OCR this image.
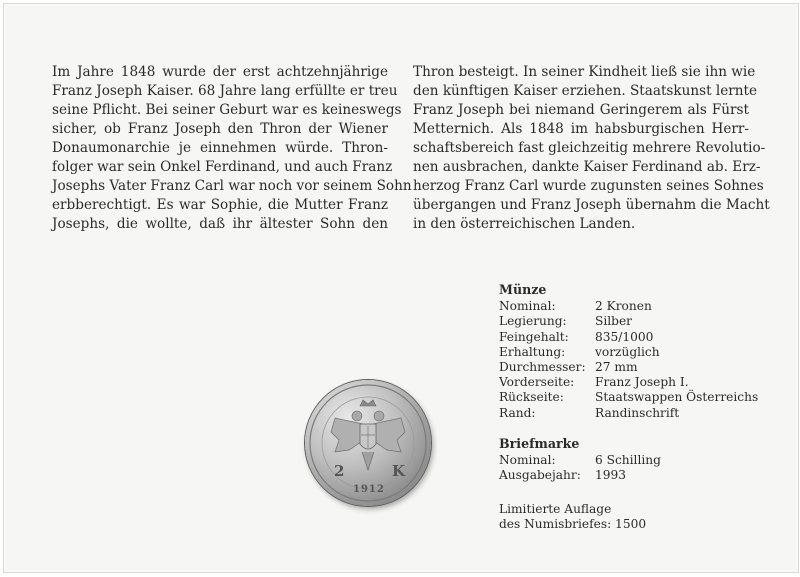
Im Jahre 1848 wurde der erst achtzehnjährige
Franz Joseph Kaiser. 68 Jahre lang erfüllte er treu
seine Pflicht. Bei seiner Geburt war es keineswegs
sicher, ob Franz Joseph den Thron der Wiener
Donaumonarchie je einnehmen würde. Thron-
folger war sein Onkel Ferdinand, und auch Franz
Josephs Vater Franz Carl war noch vor seinem Sohn
erbberechtigt. Es war Sophie, die Mutter Franz
Josephs, die wollte, daß ihr ältester Sohn den
Thron besteigt. In seiner Kindheit ließ sie ihn wie
den künftigen Kaiser erziehen. Staatskunst lernte
Franz Joseph bei niemand Geringerem als Fürst
Metternich. Als 1848 im habsburgischen Herr-
schaftsbereich fast gleichzeitig mehrere Revolutio-
nen ausbrachen, dankte Kaiser Ferdinand ab. Erz-
herzog Franz Carl wurde zugunsten seines Sohnes
übergangen und Franz Joseph übernahm die Macht
in den österreichischen Landen.
2	K
1912
Münze
Nominal:	2 Kronen
Legierung:	Silber
Feingehalt:	835/1000
Erhaltung:	vorzüglich
Durchmesser: 27 mm
Vorderseite:	Franz Joseph I.
Rückseite:	Staatswappen Österreichs
Rand:	Randinschrift
Briefmarke
Nominal:	6 Schilling
Ausgabejahr:	1993
Limitierte Auflage
des Numisbriefes: 1500
